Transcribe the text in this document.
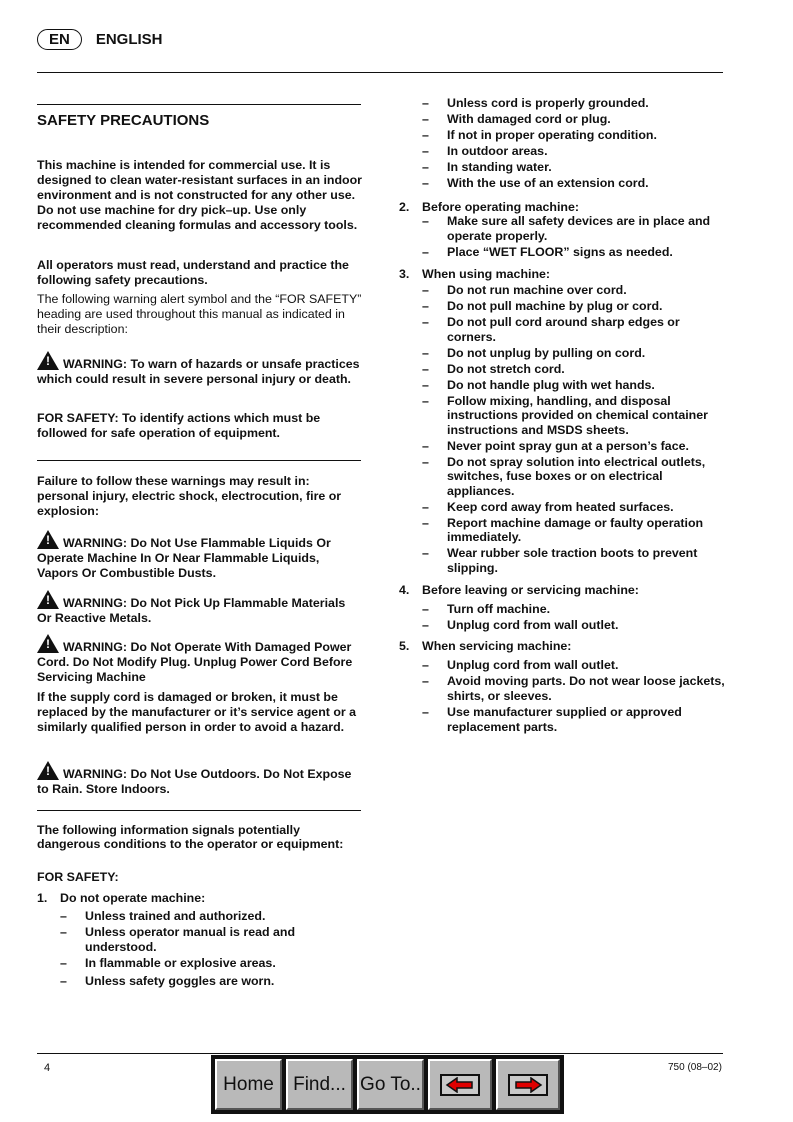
EN	ENGLISH
SAFETY PRECAUTIONS
This machine is intended for commercial use. It is designed to clean water-resistant surfaces in an indoor environment and is not constructed for any other use. Do not use machine for dry pick–up. Use only recommended cleaning formulas and accessory tools.
All operators must read, understand and practice the following safety precautions.
The following warning alert symbol and the “FOR SAFETY” heading are used throughout this manual as indicated in their description:
!WARNING: To warn of hazards or unsafe practices which could result in severe personal injury or death.
FOR SAFETY: To identify actions which must be followed for safe operation of equipment.
Failure to follow these warnings may result in: personal injury, electric shock, electrocution, fire or explosion:
!WARNING: Do Not Use Flammable Liquids Or Operate Machine In Or Near Flammable Liquids, Vapors Or Combustible Dusts.
!WARNING: Do Not Pick Up Flammable Materials Or Reactive Metals.
!WARNING: Do Not Operate With Damaged Power Cord. Do Not Modify Plug. Unplug Power Cord Before Servicing Machine
If the supply cord is damaged or broken, it must be replaced by the manufacturer or it’s service agent or a similarly qualified person in order to avoid a hazard.
!WARNING: Do Not Use Outdoors. Do Not Expose to Rain. Store Indoors.
The following information signals potentially dangerous conditions to the operator or equipment:
FOR SAFETY:
1. Do not operate machine:
– Unless trained and authorized.
– Unless operator manual is read and understood.
– In flammable or explosive areas.
– Unless safety goggles are worn.
– Unless cord is properly grounded.
– With damaged cord or plug.
– If not in proper operating condition.
– In outdoor areas.
– In standing water.
– With the use of an extension cord.
2. Before operating machine:
– Make sure all safety devices are in place and operate properly.
– Place “WET FLOOR” signs as needed.
3. When using machine:
– Do not run machine over cord.
– Do not pull machine by plug or cord.
– Do not pull cord around sharp edges or corners.
– Do not unplug by pulling on cord.
– Do not stretch cord.
– Do not handle plug with wet hands.
– Follow mixing, handling, and disposal instructions provided on chemical container instructions and MSDS sheets.
– Never point spray gun at a person’s face.
– Do not spray solution into electrical outlets, switches, fuse boxes or on electrical appliances.
– Keep cord away from heated surfaces.
– Report machine damage or faulty operation immediately.
– Wear rubber sole traction boots to prevent slipping.
4. Before leaving or servicing machine:
– Turn off machine.
– Unplug cord from wall outlet.
5. When servicing machine:
– Unplug cord from wall outlet.
– Avoid moving parts. Do not wear loose jackets, shirts, or sleeves.
– Use manufacturer supplied or approved replacement parts.
4	750 (08–02)
Home	Find... Go To..
